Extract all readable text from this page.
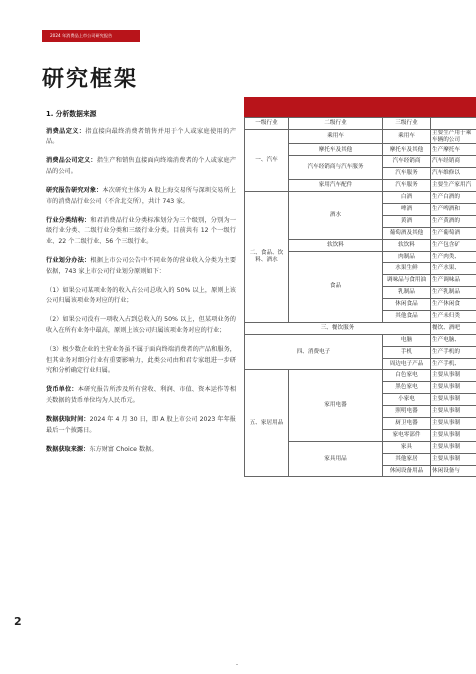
2024 年消费品上市公司研究报告
研究框架

1. 分析数据来源

消费品定义：指直接向最终消费者销售并用于个人或家庭使用的产品。

消费品公司定义：指生产和销售直接面向终端消费者的个人或家庭产品的公司。

研究报告研究对象：本次研究主体为 A 股上海交易所与深圳交易所上市的消费品行业公司（不含北交所），共计 743 家。

行业分类结构：和君消费品行业分类标准划分为三个级别，分别为一级行业分类、二级行业分类和三级行业分类。目前共有 12 个一级行业、22 个二级行业、56 个三级行业。

行业划分办法：根据上市公司公告中不同业务的营业收入分类为主要依据，743 家上市公司行业划分原则如下：

（1）如果公司某项业务的收入占公司总收入的 50% 以上，原则上该公司归属该项业务对应的行业；

（2）如果公司没有一项收入占到总收入的 50% 以上，但某项业务的收入在所有业务中最高，原则上该公司归属该项业务对应的行业；

（3）极少数企业的主营业务虽不属于面向终端消费者的产品和服务，但其业务对细分行业有重要影响力，此类公司由和君专家组进一步研究和分析确定行业归属。

货币单位：本研究报告所涉及所有营收、利润、市值、资本运作等相关数据的货币单位均为人民币元。

数据获取时间：2024 年 4 月 30 日，即 A 股上市公司 2023 年年报最后一个披露日。

数据获取来源：东方财富 Choice 数据。

一级行业	二级行业	三级行业	
一、汽车	乘用车	乘用车	主要生产用于乘车辆的公司

	摩托车及其他	摩托车及其他	生产摩托车
	汽车经销商与汽车服务	汽车经销商	汽车经销商
		汽车服务	汽车维修以
	家用汽车配件	汽车服务	主要生产家用汽
二、食品、饮料、酒水	酒水	白酒	生产白酒的
		啤酒	生产啤酒和
		黄酒	生产黄酒的
		葡萄酒及其他	生产葡萄酒
	软饮料	软饮料	生产包含矿
	食品	肉制品	生产肉类、
		水果生鲜	生产水果、
		调味品与食用油	生产调味品
		乳制品	生产乳制品
		休闲食品	生产休闲食
		其他食品	生产未归类
三、餐饮服务			餐饮、酒吧
四、消费电子		电脑	生产电脑、
		手机	生产手机的
		周边电子产品	生产手机、
五、家居用品	家用电器	白色家电	主要从事制
		黑色家电	主要从事制
		小家电	主要从事制
		照明电器	主要从事制
		厨卫电器	主要从事制
		家电零部件	主要从事制
	家具用品	家具	主要从事制
		其他家居	主要从事制
		休闲设备用品	休闲设备与
2
